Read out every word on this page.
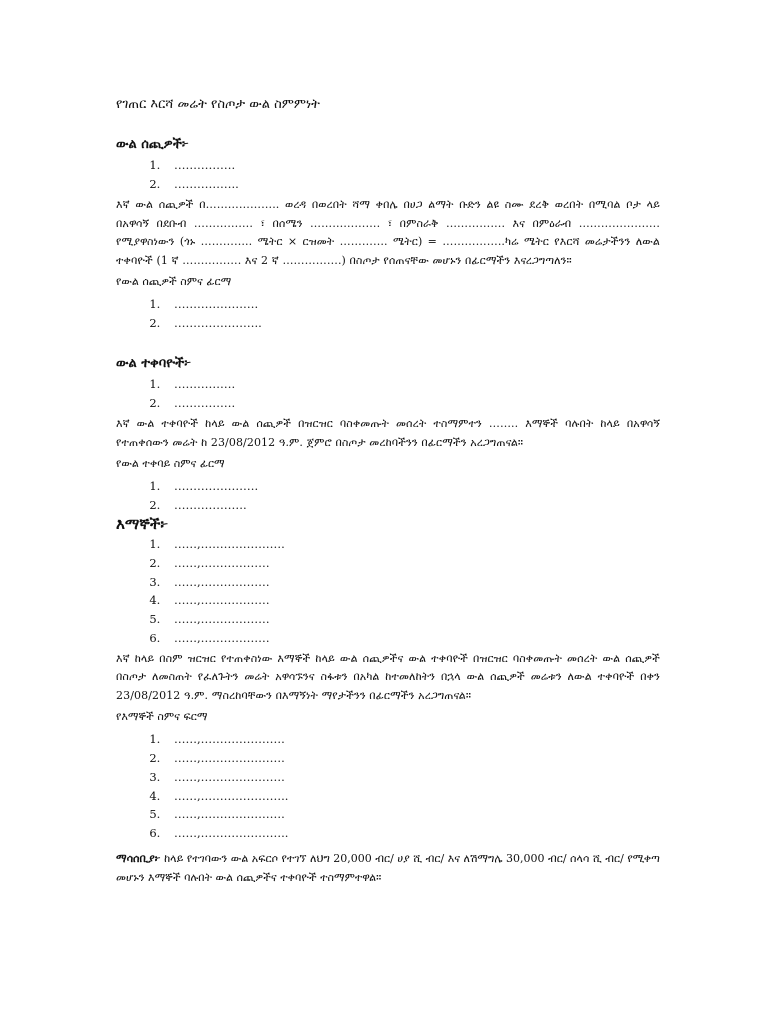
የገጠር እርሻ መሬት የስጦታ ውል ስምምነት
ውል ሰጪዎች፦
1. …………….
2. ……………..

እኛ ውል ሰጪዎች በ……………….. ወረዳ በወረበት ሻማ ቀበሌ በሀጋ ልማት ቡድን ልዩ ስሙ ደረቅ ወረበት በሚባል ቦታ ላይ በአዋሳኝ በደቡብ ……………. ፣ በሰሜን ………………. ፣ በምስራቅ ……………. እና በምዕራብ …………………. የሚያዋስነውን (ጎኑ ………….. ሜትር × ርዝመት …………. ሜትር) = ……………..ካሬ ሜትር የእርሻ መሬታችንን ለውል ተቀባዮች (1 ኛ ……………. እና 2 ኛ …………….) በስጦታ የሰጠናቸው መሆኑን በፊርማችን እናረጋግጣለን።

የውል ሰጪዎች ስምና ፊርማ
1. ………………….
2. …………………..
ውል ተቀባዮች፦
1. …………….
2. …………….

እኛ ውል ተቀባዮች ከላይ ውል ሰጪዎች በዝርዝር ባስቀመጡት መሰረት ተስማምተን …….. እማኞች ባሉበት ከላይ በአዋሳኝ የተጠቀሰውን መሬት ከ 23/08/2012 ዓ.ም. ጀምሮ በስጦታ መረከባችንን በፊርማችን አረጋግጠናል።

የውል ተቀባይ ስምና ፊርማ
1. ………………….
2. ……………….
እማኞች፦
1. ……,………………….
2. ……,………………
3. ……,………………
4. ……,………………
5. ……,………………
6. ……,………………

እኛ ከላይ በስም ዝርዝር የተጠቀስነው እማኞች ከላይ ውል ሰጪዎችና ውል ተቀባዮች በዝርዝር ባስቀመጡት መሰረት ውል ሰጪዎች በስጦታ ለመስጠት የፈለጉትን መሬት አዋሳኙንና ስፋቱን በአካል ከተመለከትን በኋላ ውል ሰጪዎች መሬቱን ለውል ተቀባዮች በቀን 23/08/2012 ዓ.ም. ማስረከባቸውን በእማኝነት ማየታችንን በፊርማችን አረጋግጠናል።

የእማኞች ስምና ፍርማ
1. ……,………………….
2. ……,………………….
3. ……,………………….
4. ……,…………………..
5. ……,………………….
6. ……,…………………..

ማሳሰቢያ፦ ከላይ የተገባውን ውል አፍርሶ የተገኘ ለህግ 20,000 ብር/ ሀያ ሺ ብር/ እና ለሽማግሌ 30,000 ብር/ ሰላሳ ሺ ብር/ የሚቀጣ መሆኑን እማኞች ባሉበት ውል ሰጪዎችና ተቀባዮች ተስማምተዋል።
